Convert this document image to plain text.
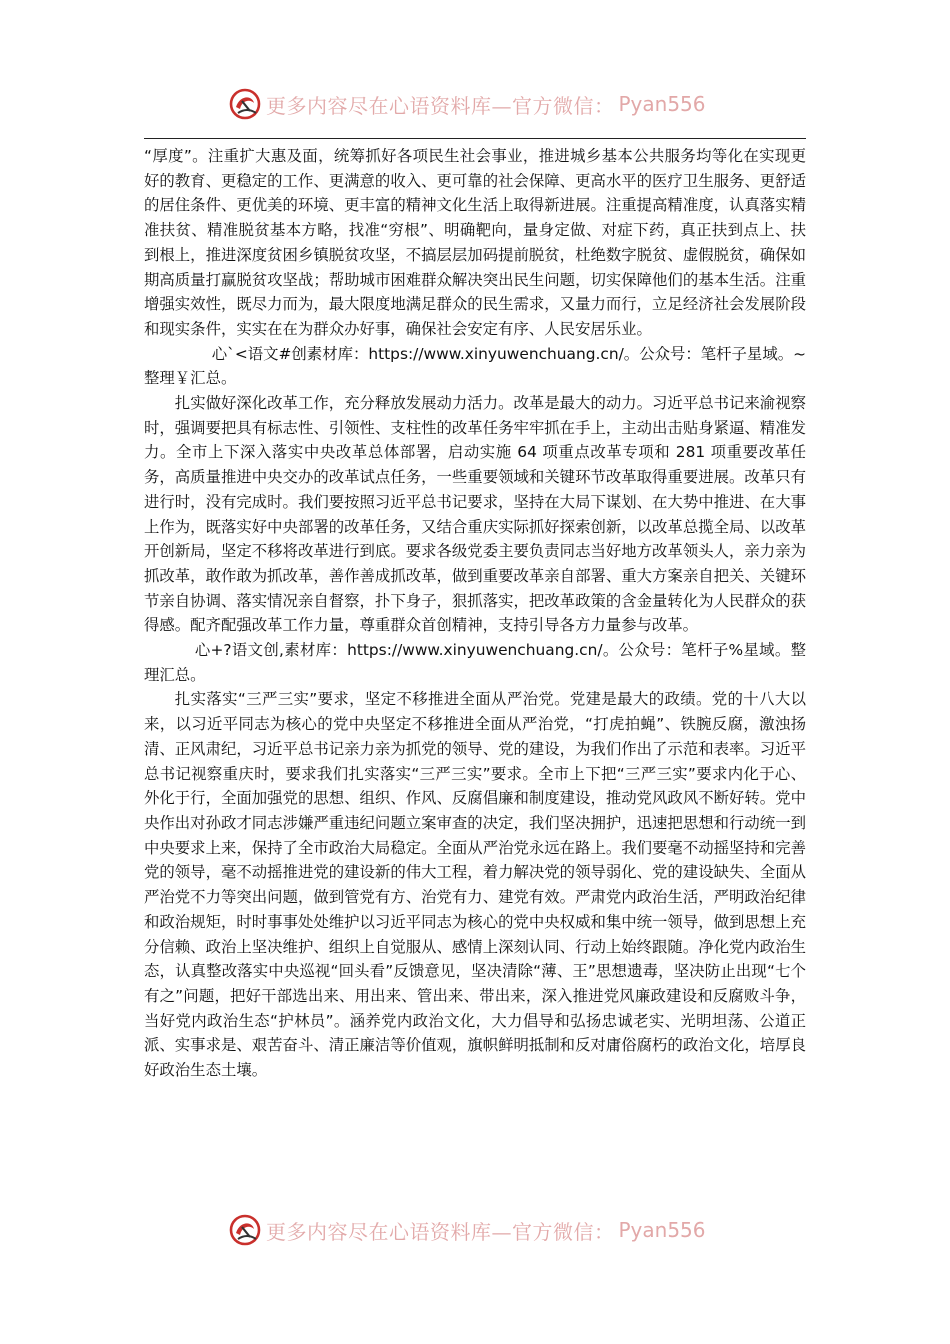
更多内容尽在心语资料库—官方微信： Pyan556

“厚度”。注重扩大惠及面，统筹抓好各项民生社会事业，推进城乡基本公共服务均等化在实现更好的教育、更稳定的工作、更满意的收入、更可靠的社会保障、更高水平的医疗卫生服务、更舒适的居住条件、更优美的环境、更丰富的精神文化生活上取得新进展。注重提高精准度，认真落实精准扶贫、精准脱贫基本方略，找准“穷根”、明确靶向，量身定做、对症下药，真正扶到点上、扶到根上，推进深度贫困乡镇脱贫攻坚，不搞层层加码提前脱贫，杜绝数字脱贫、虚假脱贫，确保如期高质量打赢脱贫攻坚战；帮助城市困难群众解决突出民生问题，切实保障他们的基本生活。注重增强实效性，既尽力而为，最大限度地满足群众的民生需求，又量力而行，立足经济社会发展阶段和现实条件，实实在在为群众办好事，确保社会安定有序、人民安居乐业。

心`<语文#创素材库：https://www.xinyuwenchuang.cn/。公众号：笔杆子星域。~整理￥汇总。

扎实做好深化改革工作，充分释放发展动力活力。改革是最大的动力。习近平总书记来渝视察时，强调要把具有标志性、引领性、支柱性的改革任务牢牢抓在手上，主动出击贴身紧逼、精准发力。全市上下深入落实中央改革总体部署，启动实施 64 项重点改革专项和 281 项重要改革任务，高质量推进中央交办的改革试点任务，一些重要领域和关键环节改革取得重要进展。改革只有进行时，没有完成时。我们要按照习近平总书记要求，坚持在大局下谋划、在大势中推进、在大事上作为，既落实好中央部署的改革任务，又结合重庆实际抓好探索创新，以改革总揽全局、以改革开创新局，坚定不移将改革进行到底。要求各级党委主要负责同志当好地方改革领头人，亲力亲为抓改革，敢作敢为抓改革，善作善成抓改革，做到重要改革亲自部署、重大方案亲自把关、关键环节亲自协调、落实情况亲自督察，扑下身子，狠抓落实，把改革政策的含金量转化为人民群众的获得感。配齐配强改革工作力量，尊重群众首创精神，支持引导各方力量参与改革。

心+?语文创,素材库：https://www.xinyuwenchuang.cn/。公众号：笔杆子%星域。整理汇总。

扎实落实“三严三实”要求，坚定不移推进全面从严治党。党建是最大的政绩。党的十八大以来，以习近平同志为核心的党中央坚定不移推进全面从严治党，“打虎拍蝇”、铁腕反腐，激浊扬清、正风肃纪，习近平总书记亲力亲为抓党的领导、党的建设，为我们作出了示范和表率。习近平总书记视察重庆时，要求我们扎实落实“三严三实”要求。全市上下把“三严三实”要求内化于心、外化于行，全面加强党的思想、组织、作风、反腐倡廉和制度建设，推动党风政风不断好转。党中央作出对孙政才同志涉嫌严重违纪问题立案审查的决定，我们坚决拥护，迅速把思想和行动统一到中央要求上来，保持了全市政治大局稳定。全面从严治党永远在路上。我们要毫不动摇坚持和完善党的领导，毫不动摇推进党的建设新的伟大工程，着力解决党的领导弱化、党的建设缺失、全面从严治党不力等突出问题，做到管党有方、治党有力、建党有效。严肃党内政治生活，严明政治纪律和政治规矩，时时事事处处维护以习近平同志为核心的党中央权威和集中统一领导，做到思想上充分信赖、政治上坚决维护、组织上自觉服从、感情上深刻认同、行动上始终跟随。净化党内政治生态，认真整改落实中央巡视“回头看”反馈意见，坚决清除“薄、王”思想遗毒，坚决防止出现“七个有之”问题，把好干部选出来、用出来、管出来、带出来，深入推进党风廉政建设和反腐败斗争，当好党内政治生态“护林员”。涵养党内政治文化，大力倡导和弘扬忠诚老实、光明坦荡、公道正派、实事求是、艰苦奋斗、清正廉洁等价值观，旗帜鲜明抵制和反对庸俗腐朽的政治文化，培厚良好政治生态土壤。

更多内容尽在心语资料库—官方微信： Pyan556
